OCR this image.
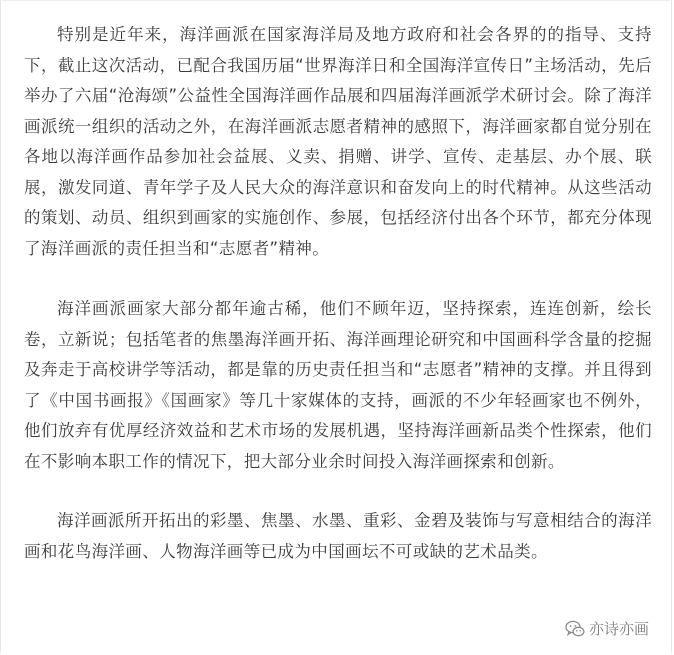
特别是近年来，海洋画派在国家海洋局及地方政府和社会各界的的指导、支持下，截止这次活动，已配合我国历届“世界海洋日和全国海洋宣传日”主场活动，先后举办了六届“沧海颂”公益性全国海洋画作品展和四届海洋画派学术研讨会。除了海洋画派统一组织的活动之外，在海洋画派志愿者精神的感照下，海洋画家都自觉分别在各地以海洋画作品参加社会益展、义卖、捐赠、讲学、宣传、走基层、办个展、联展，激发同道、青年学子及人民大众的海洋意识和奋发向上的时代精神。从这些活动的策划、动员、组织到画家的实施创作、参展，包括经济付出各个环节，都充分体现了海洋画派的责任担当和“志愿者”精神。

海洋画派画家大部分都年逾古稀，他们不顾年迈，坚持探索，连连创新，绘长卷，立新说；包括笔者的焦墨海洋画开拓、海洋画理论研究和中国画科学含量的挖掘及奔走于高校讲学等活动，都是靠的历史责任担当和“志愿者”精神的支撑。并且得到了《中国书画报》《国画家》等几十家媒体的支持，画派的不少年轻画家也不例外，他们放弃有优厚经济效益和艺术市场的发展机遇，坚持海洋画新品类个性探索，他们在不影响本职工作的情况下，把大部分业余时间投入海洋画探索和创新。

海洋画派所开拓出的彩墨、焦墨、水墨、重彩、金碧及装饰与写意相结合的海洋画和花鸟海洋画、人物海洋画等已成为中国画坛不可或缺的艺术品类。

亦诗亦画
